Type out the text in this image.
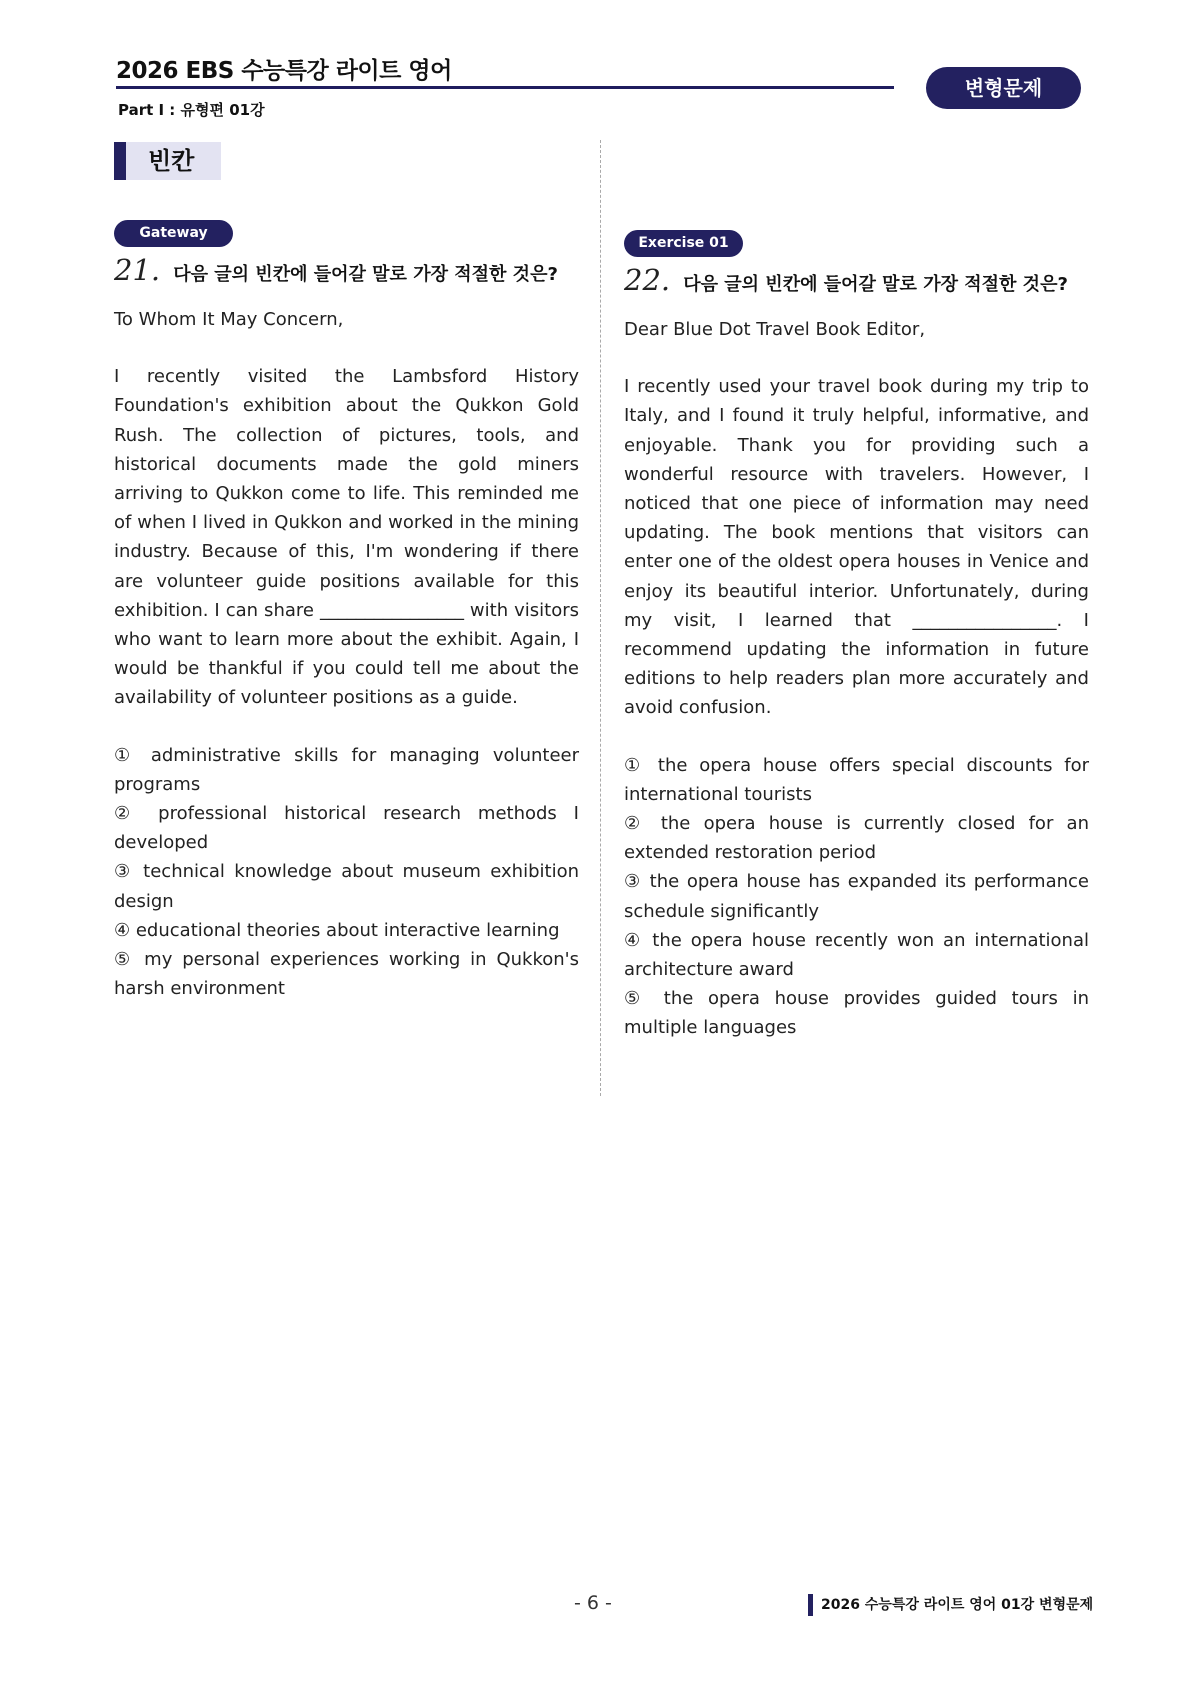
2026 EBS 수능특강 라이트 영어
Part Ⅰ : 유형편 01강
변형문제
빈칸
Gateway
21. 다음 글의 빈칸에 들어갈 말로 가장 적절한 것은?

To Whom It May Concern,

I recently visited the Lambsford History Foundation's exhibition about the Qukkon Gold Rush. The collection of pictures, tools, and historical documents made the gold miners arriving to Qukkon come to life. This reminded me of when I lived in Qukkon and worked in the mining industry. Because of this, I'm wondering if there are volunteer guide positions available for this exhibition. I can share ________________ with visitors who want to learn more about the exhibit. Again, I would be thankful if you could tell me about the availability of volunteer positions as a guide.

① administrative skills for managing volunteer programs

② professional historical research methods I developed

③ technical knowledge about museum exhibition design

④ educational theories about interactive learning

⑤ my personal experiences working in Qukkon's harsh environment

Exercise 01
22. 다음 글의 빈칸에 들어갈 말로 가장 적절한 것은?

Dear Blue Dot Travel Book Editor,

I recently used your travel book during my trip to Italy, and I found it truly helpful, informative, and enjoyable. Thank you for providing such a wonderful resource with travelers. However, I noticed that one piece of information may need updating. The book mentions that visitors can enter one of the oldest opera houses in Venice and enjoy its beautiful interior. Unfortunately, during my visit, I learned that ________________. I recommend updating the information in future editions to help readers plan more accurately and avoid confusion.

① the opera house offers special discounts for international tourists

② the opera house is currently closed for an extended restoration period

③ the opera house has expanded its performance schedule significantly

④ the opera house recently won an international architecture award

⑤ the opera house provides guided tours in multiple languages

- 6 -	2026 수능특강 라이트 영어 01강 변형문제
